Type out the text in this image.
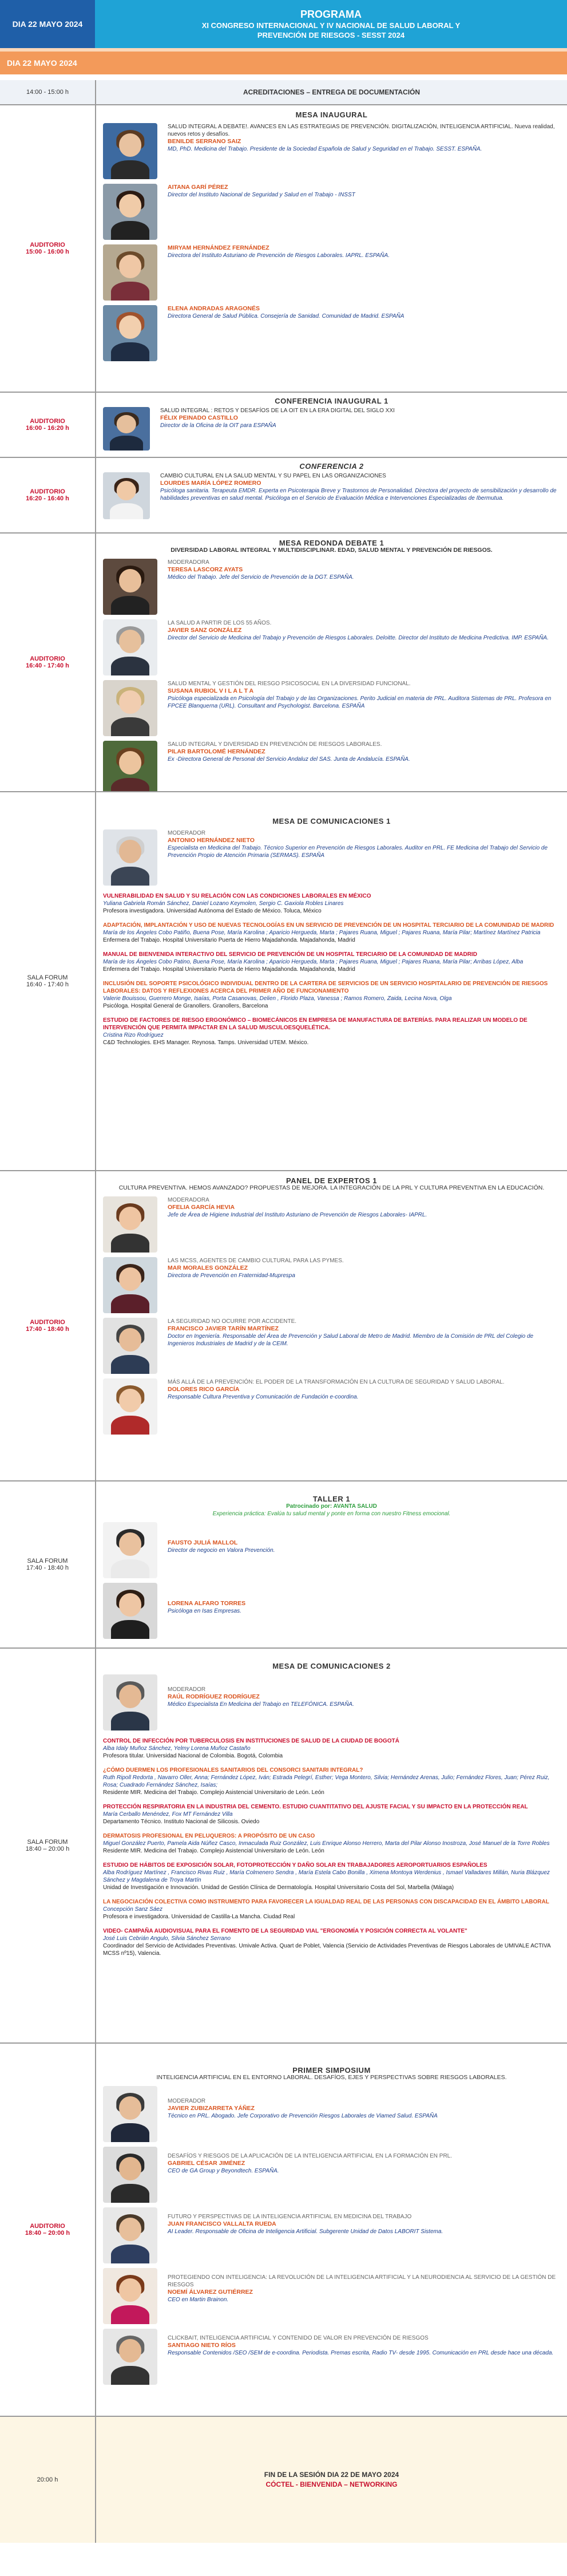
DIA 22 MAYO 2024
PROGRAMA
XI CONGRESO INTERNACIONAL Y IV NACIONAL DE SALUD LABORAL Y
PREVENCIÓN DE RIESGOS - SESST 2024
DIA 22 MAYO 2024
14:00 - 15:00 h	ACREDITACIONES – ENTREGA DE DOCUMENTACIÓN
AUDITORIO
15:00 - 16:00 h
MESA INAUGURAL
SALUD INTEGRAL A DEBATE!. AVANCES EN LAS ESTRATEGIAS DE PREVENCIÓN. DIGITALIZACIÓN, INTELIGENCIA ARTIFICIAL. Nueva realidad, nuevos retos y desafíos.
BENILDE SERRANO SAIZ
MD, PhD. Medicina del Trabajo. Presidente de la Sociedad Española de Salud y Seguridad en el Trabajo. SESST. ESPAÑA.
AITANA GARÍ PÉREZ
Director del Instituto Nacional de Seguridad y Salud en el Trabajo - INSST
MIRYAM HERNÁNDEZ FERNÁNDEZ
Directora del Instituto Asturiano de Prevención de Riesgos Laborales. IAPRL. ESPAÑA.
ELENA ANDRADAS ARAGONÉS
Directora General de Salud Pública. Consejería de Sanidad. Comunidad de Madrid. ESPAÑA
AUDITORIO
16:00 - 16:20 h
CONFERENCIA INAUGURAL 1
SALUD INTEGRAL : RETOS Y DESAFÍOS DE LA OIT EN LA ERA DIGITAL DEL SIGLO XXI
FÉLIX PEINADO CASTILLO
Director de la Oficina de la OIT para ESPAÑA
AUDITORIO
16:20 - 16:40 h
CONFERENCIA 2
CAMBIO CULTURAL EN LA SALUD MENTAL Y SU PAPEL EN LAS ORGANIZACIONES
LOURDES MARÍA LÓPEZ ROMERO
Psicóloga sanitaria. Terapeuta EMDR. Experta en Psicoterapia Breve y Trastornos de Personalidad. Directora del proyecto de sensibilización y desarrollo de habilidades preventivas en salud mental. Psicóloga en el Servicio de Evaluación Médica e Intervenciones Especializadas de Ibermutua.
AUDITORIO
16:40 - 17:40 h
MESA REDONDA DEBATE 1
DIVERSIDAD LABORAL INTEGRAL Y MULTIDISCIPLINAR. EDAD, SALUD MENTAL Y PREVENCIÓN DE RIESGOS.
MODERADORA
TERESA LASCORZ AYATS
Médico del Trabajo. Jefe del Servicio de Prevención de la DGT. ESPAÑA.
LA SALUD A PARTIR DE LOS 55 AÑOS.
JAVIER SANZ GONZÁLEZ
Director del Servicio de Medicina del Trabajo y Prevención de Riesgos Laborales. Deloitte. Director del Instituto de Medicina Predictiva. IMP. ESPAÑA.
SALUD MENTAL Y GESTIÓN DEL RIESGO PSICOSOCIAL EN LA DIVERSIDAD FUNCIONAL.
SUSANA RUBIOL V I L A L T A
Psicóloga especializada en Psicología del Trabajo y de las Organizaciones. Perito Judicial en materia de PRL. Auditora Sistemas de PRL. Profesora en FPCEE Blanquerna (URL). Consultant and Psychologist. Barcelona. ESPAÑA
SALUD INTEGRAL Y DIVERSIDAD EN PREVENCIÓN DE RIESGOS LABORALES.
PILAR BARTOLOMÉ HERNÁNDEZ
Ex -Directora General de Personal del Servicio Andaluz del SAS. Junta de Andalucía. ESPAÑA.
SALA FORUM
16:40 - 17:40 h
MESA DE COMUNICACIONES 1
MODERADOR
ANTONIO HERNÁNDEZ NIETO
Especialista en Medicina del Trabajo. Técnico Superior en Prevención de Riesgos Laborales. Auditor en PRL. FE Medicina del Trabajo del Servicio de Prevención Propio de Atención Primaria (SERMAS). ESPAÑA
VULNERABILIDAD EN SALUD Y SU RELACIÓN CON LAS CONDICIONES LABORALES EN MÉXICO
Yuliana Gabriela Román Sánchez, Daniel Lozano Keymolen, Sergio C. Gaxiola Robles Linares
Profesora investigadora. Universidad Autónoma del Estado de México. Toluca, México
ADAPTACIÓN, IMPLANTACIÓN Y USO DE NUEVAS TECNOLOGÍAS EN UN SERVICIO DE PREVENCIÓN DE UN HOSPITAL TERCIARIO DE LA COMUNIDAD DE MADRID
María de los Ángeles Cobo Patiño, Buena Pose, María Karolina ; Aparicio Hergueda, Marta ; Pajares Ruana, Miguel ; Pajares Ruana, María Pilar; Martínez Martínez Patricia
Enfermera del Trabajo. Hospital Universitario Puerta de Hierro Majadahonda. Majadahonda, Madrid
MANUAL DE BIENVENIDA INTERACTIVO DEL SERVICIO DE PREVENCIÓN DE UN HOSPITAL TERCIARIO DE LA COMUNIDAD DE MADRID
María de los Ángeles Cobo Patino, Buena Pose, María Karolina ; Aparicio Hergueda, Marta ; Pajares Ruana, Miguel ; Pajares Ruana, María Pilar; Arribas López, Alba
Enfermera del Trabajo. Hospital Universitario Puerta de Hierro Majadahonda. Majadahonda, Madrid
INCLUSIÓN DEL SOPORTE PSICOLÓGICO INDIVIDUAL DENTRO DE LA CARTERA DE SERVICIOS DE UN SERVICIO HOSPITALARIO DE PREVENCIÓN DE RIESGOS LABORALES: DATOS Y REFLEXIONES ACERCA DEL PRIMER AÑO DE FUNCIONAMIENTO
Valerie Bouissou, Guerrero Monge, Isaías, Porta Casanovas, Delien , Florido Plaza, Vanessa ; Ramos Romero, Zaida, Lecina Nova, Olga
Psicóloga. Hospital General de Granollers. Granollers, Barcelona
ESTUDIO DE FACTORES DE RIESGO ERGONÓMICO – BIOMECÁNICOS EN EMPRESA DE MANUFACTURA DE BATERÍAS. PARA REALIZAR UN MODELO DE INTERVENCIÓN QUE PERMITA IMPACTAR EN LA SALUD MUSCULOESQUELÉTICA.
Cristina Rizo Rodríguez
C&D Technologies. EHS Manager. Reynosa. Tamps. Universidad UTEM. México.
AUDITORIO
17:40 - 18:40 h
PANEL DE EXPERTOS 1
CULTURA PREVENTIVA. HEMOS AVANZADO? PROPUESTAS DE MEJORA. LA INTEGRACIÓN DE LA PRL Y CULTURA PREVENTIVA EN LA EDUCACIÓN.
MODERADORA
OFELIA GARCÍA HEVIA
Jefe de Área de Higiene Industrial del Instituto Asturiano de Prevención de Riesgos Laborales- IAPRL.
LAS MCSS, AGENTES DE CAMBIO CULTURAL PARA LAS PYMES.
MAR MORALES GONZÁLEZ
Directora de Prevención en Fraternidad-Muprespa
LA SEGURIDAD NO OCURRE POR ACCIDENTE.
FRANCISCO JAVIER TARÍN MARTÍNEZ
Doctor en Ingeniería. Responsable del Área de Prevención y Salud Laboral de Metro de Madrid. Miembro de la Comisión de PRL del Colegio de Ingenieros Industriales de Madrid y de la CEIM.
MÁS ALLÁ DE LA PREVENCIÓN: EL PODER DE LA TRANSFORMACIÓN EN LA CULTURA DE SEGURIDAD Y SALUD LABORAL.
DOLORES RICO GARCÍA
Responsable Cultura Preventiva y Comunicación de Fundación e-coordina.
SALA FORUM
17:40 - 18:40 h
TALLER 1
Patrocinado por: AVANTA SALUD
Experiencia práctica: Evalúa tu salud mental y ponte en forma con nuestro Fitness emocional.
FAUSTO JULIÁ MALLOL
Director de negocio en Valora Prevención.
LORENA ALFARO TORRES
Psicóloga en Isas Empresas.
SALA FORUM
18:40 – 20:00 h
MESA DE COMUNICACIONES 2
MODERADOR
RAÚL RODRÍGUEZ RODRÍGUEZ
Médico Especialista En Medicina del Trabajo en TELEFÓNICA. ESPAÑA.
CONTROL DE INFECCIÓN POR TUBERCULOSIS EN INSTITUCIONES DE SALUD DE LA CIUDAD DE BOGOTÁ
Alba Idaly Muñoz Sánchez, Yelmy Lorena Muñoz Castaño
Profesora titular. Universidad Nacional de Colombia. Bogotá, Colombia
¿CÓMO DUERMEN LOS PROFESIONALES SANITARIOS DEL CONSORCI SANITARI INTEGRAL?
Ruth Ripoll Redorta , Navarro Oller, Anna; Fernández López, Iván; Estrada Pelegrí, Esther; Vega Montero, Silvia; Hernández Arenas, Julio; Fernández Flores, Juan; Pérez Ruiz, Rosa; Cuadrado Fernández Sánchez, Isaías;
Residente MIR. Medicina del Trabajo. Complejo Asistencial Universitario de León. León
PROTECCIÓN RESPIRATORIA EN LA INDUSTRIA DEL CEMENTO. ESTUDIO CUANTITATIVO DEL AJUSTE FACIAL Y SU IMPACTO EN LA PROTECCIÓN REAL
María Cerballo Menéndez, Fox MT Fernández Villa
Departamento Técnico. Instituto Nacional de Silicosis. Oviedo
DERMATOSIS PROFESIONAL EN PELUQUEROS: A PROPÓSITO DE UN CASO
Miguel González Puerto, Pamela Aida Núñez Casco, Inmaculada Ruiz González, Luis Enrique Alonso Herrero, Marta del Pilar Alonso Inostroza, José Manuel de la Torre Robles
Residente MIR. Medicina del Trabajo. Complejo Asistencial Universitario de León. León
ESTUDIO DE HÁBITOS DE EXPOSICIÓN SOLAR, FOTOPROTECCIÓN Y DAÑO SOLAR EN TRABAJADORES AEROPORTUARIOS ESPAÑOLES
Alba Rodríguez Martínez , Francisco Rivas Ruiz , María Colmenero Sendra , María Estela Cabo Bonilla , Ximena Montoya Werdenius , Ismael Valladares Millán, Nuria Blázquez Sánchez y Magdalena de Troya Martín
Unidad de Investigación e Innovación. Unidad de Gestión Clínica de Dermatología. Hospital Universitario Costa del Sol, Marbella (Málaga)
LA NEGOCIACIÓN COLECTIVA COMO INSTRUMENTO PARA FAVORECER LA IGUALDAD REAL DE LAS PERSONAS CON DISCAPACIDAD EN EL ÁMBITO LABORAL
Concepción Sanz Sáez
Profesora e investigadora. Universidad de Castilla-La Mancha. Ciudad Real
VIDEO- CAMPAÑA AUDIOVISUAL PARA EL FOMENTO DE LA SEGURIDAD VIAL "ERGONOMÍA Y POSICIÓN CORRECTA AL VOLANTE"
José Luis Cebrián Angulo, Silvia Sánchez Serrano
Coordinador del Servicio de Actividades Preventivas. Umivale Activa. Quart de Poblet, Valencia (Servicio de Actividades Preventivas de Riesgos Laborales de UMIVALE ACTIVA MCSS nº15), Valencia.
AUDITORIO
18:40 – 20:00 h
PRIMER SIMPOSIUM
INTELIGENCIA ARTIFICIAL EN EL ENTORNO LABORAL. DESAFÍOS, EJES Y PERSPECTIVAS SOBRE RIESGOS LABORALES.
MODERADOR
JAVIER ZUBIZARRETA YÁÑEZ
Técnico en PRL. Abogado. Jefe Corporativo de Prevención Riesgos Laborales de Viamed Salud. ESPAÑA
DESAFÍOS Y RIESGOS DE LA APLICACIÓN DE LA INTELIGENCIA ARTIFICIAL EN LA FORMACIÓN EN PRL.
GABRIEL CÉSAR JIMÉNEZ
CEO de GA Group y Beyondtech. ESPAÑA.
FUTURO Y PERSPECTIVAS DE LA INTELIGENCIA ARTIFICIAL EN MEDICINA DEL TRABAJO
JUAN FRANCISCO VALLALTA RUEDA
AI Leader. Responsable de Oficina de Inteligencia Artificial. Subgerente Unidad de Datos LABORIT Sistema.
PROTEGIENDO CON INTELIGENCIA: LA REVOLUCIÓN DE LA INTELIGENCIA ARTIFICIAL Y LA NEURODIENCIA AL SERVICIO DE LA GESTIÓN DE RIESGOS
NOEMÍ ÁLVAREZ GUTIÉRREZ
CEO en Martin Brainon.
CLICKBAIT, INTELIGENCIA ARTIFICIAL Y CONTENIDO DE VALOR EN PREVENCIÓN DE RIESGOS
SANTIAGO NIETO RÍOS
Responsable Contenidos /SEO /SEM de e-coordina. Periodista. Premas escrita, Radio TV- desde 1995. Comunicación en PRL desde hace una década.
20:00 h
FIN DE LA SESIÓN DIA 22 DE MAYO 2024
CÓCTEL - BIENVENIDA – NETWORKING
